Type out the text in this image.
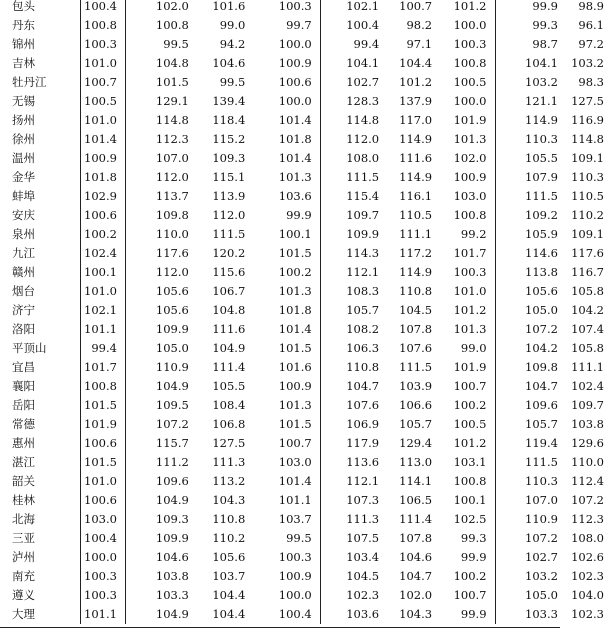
包头	100.4	102.0	101.6	100.3	102.1	100.7	101.2	99.9	98.9
丹东	100.8	100.8	99.0	99.7	100.4	98.2	100.0	99.3	96.1
锦州	100.3	99.5	94.2	100.0	99.4	97.1	100.3	98.7	97.2
吉林	101.0	104.8	104.6	100.9	104.1	104.4	100.8	104.1	103.2
牡丹江	100.7	101.5	99.5	100.6	102.7	101.2	100.5	103.2	98.3
无锡	100.5	129.1	139.4	100.0	128.3	137.9	100.0	121.1	127.5
扬州	101.0	114.8	118.4	101.4	114.8	117.0	101.9	114.9	116.9
徐州	101.4	112.3	115.2	101.8	112.0	114.9	101.3	110.3	114.8
温州	100.9	107.0	109.3	101.4	108.0	111.6	102.0	105.5	109.1
金华	101.8	112.0	115.1	101.3	111.5	114.9	100.9	107.9	110.3
蚌埠	102.9	113.7	113.9	103.6	115.4	116.1	103.0	111.5	110.5
安庆	100.6	109.8	112.0	99.9	109.7	110.5	100.8	109.2	110.2
泉州	100.2	110.0	111.5	100.1	109.9	111.1	99.2	105.9	109.1
九江	102.4	117.6	120.2	101.5	114.3	117.2	101.7	114.6	117.6
赣州	100.1	112.0	115.6	100.2	112.1	114.9	100.3	113.8	116.7
烟台	101.0	105.6	106.7	101.3	108.3	110.8	101.0	105.6	105.8
济宁	102.1	105.6	104.8	101.8	105.7	104.5	101.2	105.0	104.2
洛阳	101.1	109.9	111.6	101.4	108.2	107.8	101.3	107.2	107.4
平顶山	99.4	105.0	104.9	101.5	106.3	107.6	99.0	104.2	105.8
宜昌	101.7	110.9	111.4	101.6	110.8	111.5	101.9	109.8	111.1
襄阳	100.8	104.9	105.5	100.9	104.7	103.9	100.7	104.7	102.4
岳阳	101.5	109.5	108.4	101.3	107.6	106.6	100.2	109.6	109.7
常德	101.9	107.2	106.8	101.5	106.9	105.7	100.5	105.7	103.8
惠州	100.6	115.7	127.5	100.7	117.9	129.4	101.2	119.4	129.6
湛江	101.5	111.2	111.3	103.0	113.6	113.0	103.1	111.5	110.0
韶关	101.0	109.6	113.2	101.4	112.1	114.1	100.8	110.3	112.4
桂林	100.6	104.9	104.3	101.1	107.3	106.5	100.1	107.0	107.2
北海	103.0	109.3	110.8	103.7	111.3	111.4	102.5	110.9	112.3
三亚	100.4	109.9	110.2	99.5	107.5	107.8	99.3	107.2	108.0
泸州	100.0	104.6	105.6	100.3	103.4	104.6	99.9	102.7	102.6
南充	100.3	103.8	103.7	100.9	104.5	104.7	100.2	103.2	102.3
遵义	100.3	103.3	104.4	100.0	102.3	102.0	100.7	105.0	104.0
大理	101.1	104.9	104.4	100.4	103.6	104.3	99.9	103.3	102.3
